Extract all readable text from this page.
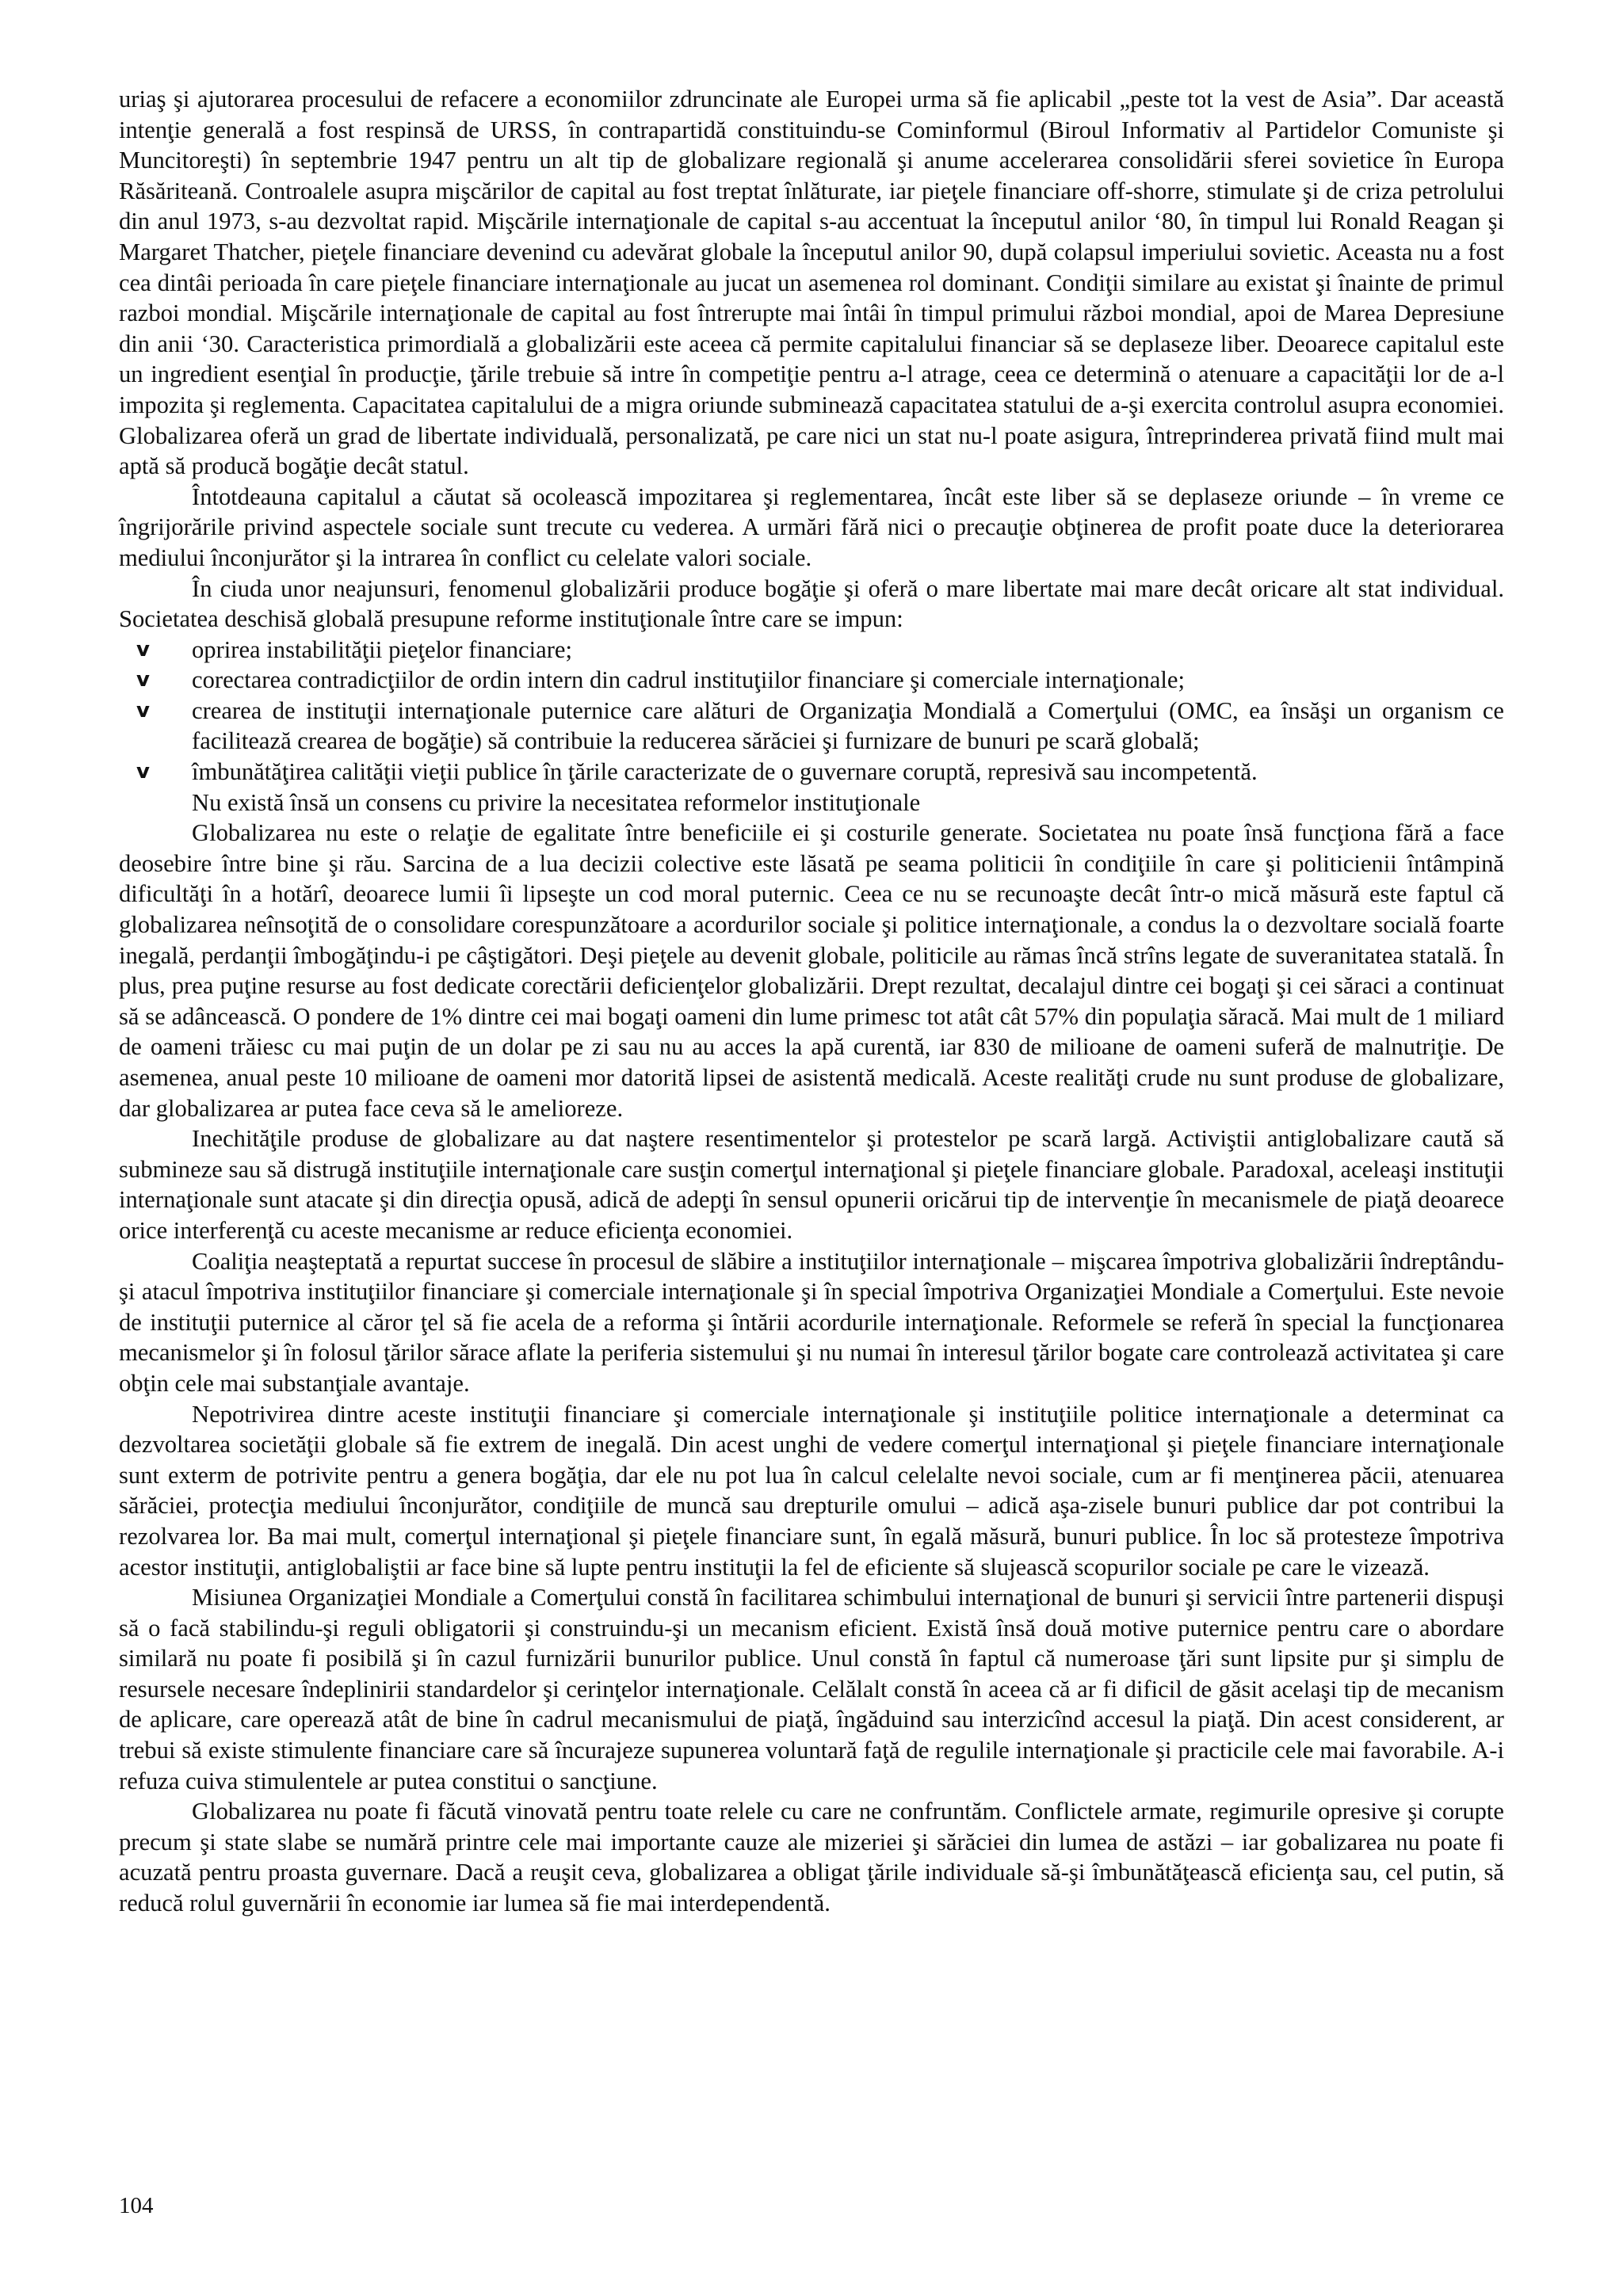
uriaş şi ajutorarea procesului de refacere a economiilor zdruncinate ale Europei urma să fie aplicabil „peste tot la vest de Asia”. Dar această intenţie generală a fost respinsă de URSS, în contrapartidă constituindu-se Cominformul (Biroul Informativ al Partidelor Comuniste şi Muncitoreşti) în septembrie 1947 pentru un alt tip de globalizare regională şi anume accelerarea consolidării sferei sovietice în Europa Răsăriteană. Controalele asupra mişcărilor de capital au fost treptat înlăturate, iar pieţele financiare off-shorre, stimulate şi de criza petrolului din anul 1973, s-au dezvoltat rapid. Mişcările internaţionale de capital s-au accentuat la începutul anilor ‘80, în timpul lui Ronald Reagan şi Margaret Thatcher, pieţele financiare devenind cu adevărat globale la începutul anilor 90, după colapsul imperiului sovietic. Aceasta nu a fost cea dintâi perioada în care pieţele financiare internaţionale au jucat un asemenea rol dominant. Condiţii similare au existat şi înainte de primul razboi mondial. Mişcările internaţionale de capital au fost întrerupte mai întâi în timpul primului război mondial, apoi de Marea Depresiune din anii ‘30. Caracteristica primordială a globalizării este aceea că permite capitalului financiar să se deplaseze liber. Deoarece capitalul este un ingredient esenţial în producţie, ţările trebuie să intre în competiţie pentru a-l atrage, ceea ce determină o atenuare a capacităţii lor de a-l impozita şi reglementa. Capacitatea capitalului de a migra oriunde subminează capacitatea statului de a-şi exercita controlul asupra economiei. Globalizarea oferă un grad de libertate individuală, personalizată, pe care nici un stat nu-l poate asigura, întreprinderea privată fiind mult mai aptă să producă bogăţie decât statul.

Întotdeauna capitalul a căutat să ocolească impozitarea şi reglementarea, încât este liber să se deplaseze oriunde – în vreme ce îngrijorările privind aspectele sociale sunt trecute cu vederea. A urmări fără nici o precauţie obţinerea de profit poate duce la deteriorarea mediului înconjurător şi la intrarea în conflict cu celelate valori sociale.

În ciuda unor neajunsuri, fenomenul globalizării produce bogăţie şi oferă o mare libertate mai mare decât oricare alt stat individual. Societatea deschisă globală presupune reforme instituţionale între care se impun:

v oprirea instabilităţii pieţelor financiare;
v corectarea contradicţiilor de ordin intern din cadrul instituţiilor financiare şi comerciale internaţionale;
v crearea de instituţii internaţionale puternice care alături de Organizaţia Mondială a Comerţului (OMC, ea însăşi un organism ce facilitează crearea de bogăţie) să contribuie la reducerea sărăciei şi furnizare de bunuri pe scară globală;
v îmbunătăţirea calităţii vieţii publice în ţările caracterizate de o guvernare coruptă, represivă sau incompetentă.

Nu există însă un consens cu privire la necesitatea reformelor instituţionale

Globalizarea nu este o relaţie de egalitate între beneficiile ei şi costurile generate. Societatea nu poate însă funcţiona fără a face deosebire între bine şi rău. Sarcina de a lua decizii colective este lăsată pe seama politicii în condiţiile în care şi politicienii întâmpină dificultăţi în a hotărî, deoarece lumii îi lipseşte un cod moral puternic. Ceea ce nu se recunoaşte decât într-o mică măsură este faptul că globalizarea neînsoţită de o consolidare corespunzătoare a acordurilor sociale şi politice internaţionale, a condus la o dezvoltare socială foarte inegală, perdanţii îmbogăţindu-i pe câştigători. Deşi pieţele au devenit globale, politicile au rămas încă strîns legate de suveranitatea statală. În plus, prea puţine resurse au fost dedicate corectării deficienţelor globalizării. Drept rezultat, decalajul dintre cei bogaţi şi cei săraci a continuat să se adâncească. O pondere de 1% dintre cei mai bogaţi oameni din lume primesc tot atât cât 57% din populaţia săracă. Mai mult de 1 miliard de oameni trăiesc cu mai puţin de un dolar pe zi sau nu au acces la apă curentă, iar 830 de milioane de oameni suferă de malnutriţie. De asemenea, anual peste 10 milioane de oameni mor datorită lipsei de asistentă medicală. Aceste realităţi crude nu sunt produse de globalizare, dar globalizarea ar putea face ceva să le amelioreze.

Inechităţile produse de globalizare au dat naştere resentimentelor şi protestelor pe scară largă. Activiştii antiglobalizare caută să submineze sau să distrugă instituţiile internaţionale care susţin comerţul internaţional şi pieţele financiare globale. Paradoxal, aceleaşi instituţii internaţionale sunt atacate şi din direcţia opusă, adică de adepţi în sensul opunerii oricărui tip de intervenţie în mecanismele de piaţă deoarece orice interferenţă cu aceste mecanisme ar reduce eficienţa economiei.

Coaliţia neaşteptată a repurtat succese în procesul de slăbire a instituţiilor internaţionale – mişcarea împotriva globalizării îndreptându-şi atacul împotriva instituţiilor financiare şi comerciale internaţionale şi în special împotriva Organizaţiei Mondiale a Comerţului. Este nevoie de instituţii puternice al căror ţel să fie acela de a reforma şi întării acordurile internaţionale. Reformele se referă în special la funcţionarea mecanismelor şi în folosul ţărilor sărace aflate la periferia sistemului şi nu numai în interesul ţărilor bogate care controlează activitatea şi care obţin cele mai substanţiale avantaje.

Nepotrivirea dintre aceste instituţii financiare şi comerciale internaţionale şi instituţiile politice internaţionale a determinat ca dezvoltarea societăţii globale să fie extrem de inegală. Din acest unghi de vedere comerţul internaţional şi pieţele financiare internaţionale sunt exterm de potrivite pentru a genera bogăţia, dar ele nu pot lua în calcul celelalte nevoi sociale, cum ar fi menţinerea păcii, atenuarea sărăciei, protecţia mediului înconjurător, condiţiile de muncă sau drepturile omului – adică aşa-zisele bunuri publice dar pot contribui la rezolvarea lor. Ba mai mult, comerţul internaţional şi pieţele financiare sunt, în egală măsură, bunuri publice. În loc să protesteze împotriva acestor instituţii, antiglobaliştii ar face bine să lupte pentru instituţii la fel de eficiente să slujească scopurilor sociale pe care le vizează.

Misiunea Organizaţiei Mondiale a Comerţului constă în facilitarea schimbului internaţional de bunuri şi servicii între partenerii dispuşi să o facă stabilindu-şi reguli obligatorii şi construindu-şi un mecanism eficient. Există însă două motive puternice pentru care o abordare similară nu poate fi posibilă şi în cazul furnizării bunurilor publice. Unul constă în faptul că numeroase ţări sunt lipsite pur şi simplu de resursele necesare îndeplinirii standardelor şi cerinţelor internaţionale. Celălalt constă în aceea că ar fi dificil de găsit acelaşi tip de mecanism de aplicare, care operează atât de bine în cadrul mecanismului de piaţă, îngăduind sau interzicînd accesul la piaţă. Din acest considerent, ar trebui să existe stimulente financiare care să încurajeze supunerea voluntară faţă de regulile internaţionale şi practicile cele mai favorabile. A-i refuza cuiva stimulentele ar putea constitui o sancţiune.

Globalizarea nu poate fi făcută vinovată pentru toate relele cu care ne confruntăm. Conflictele armate, regimurile opresive şi corupte precum şi state slabe se numără printre cele mai importante cauze ale mizeriei şi sărăciei din lumea de astăzi – iar gobalizarea nu poate fi acuzată pentru proasta guvernare. Dacă a reuşit ceva, globalizarea a obligat ţările individuale să-şi îmbunătăţească eficienţa sau, cel putin, să reducă rolul guvernării în economie iar lumea să fie mai interdependentă.

104
